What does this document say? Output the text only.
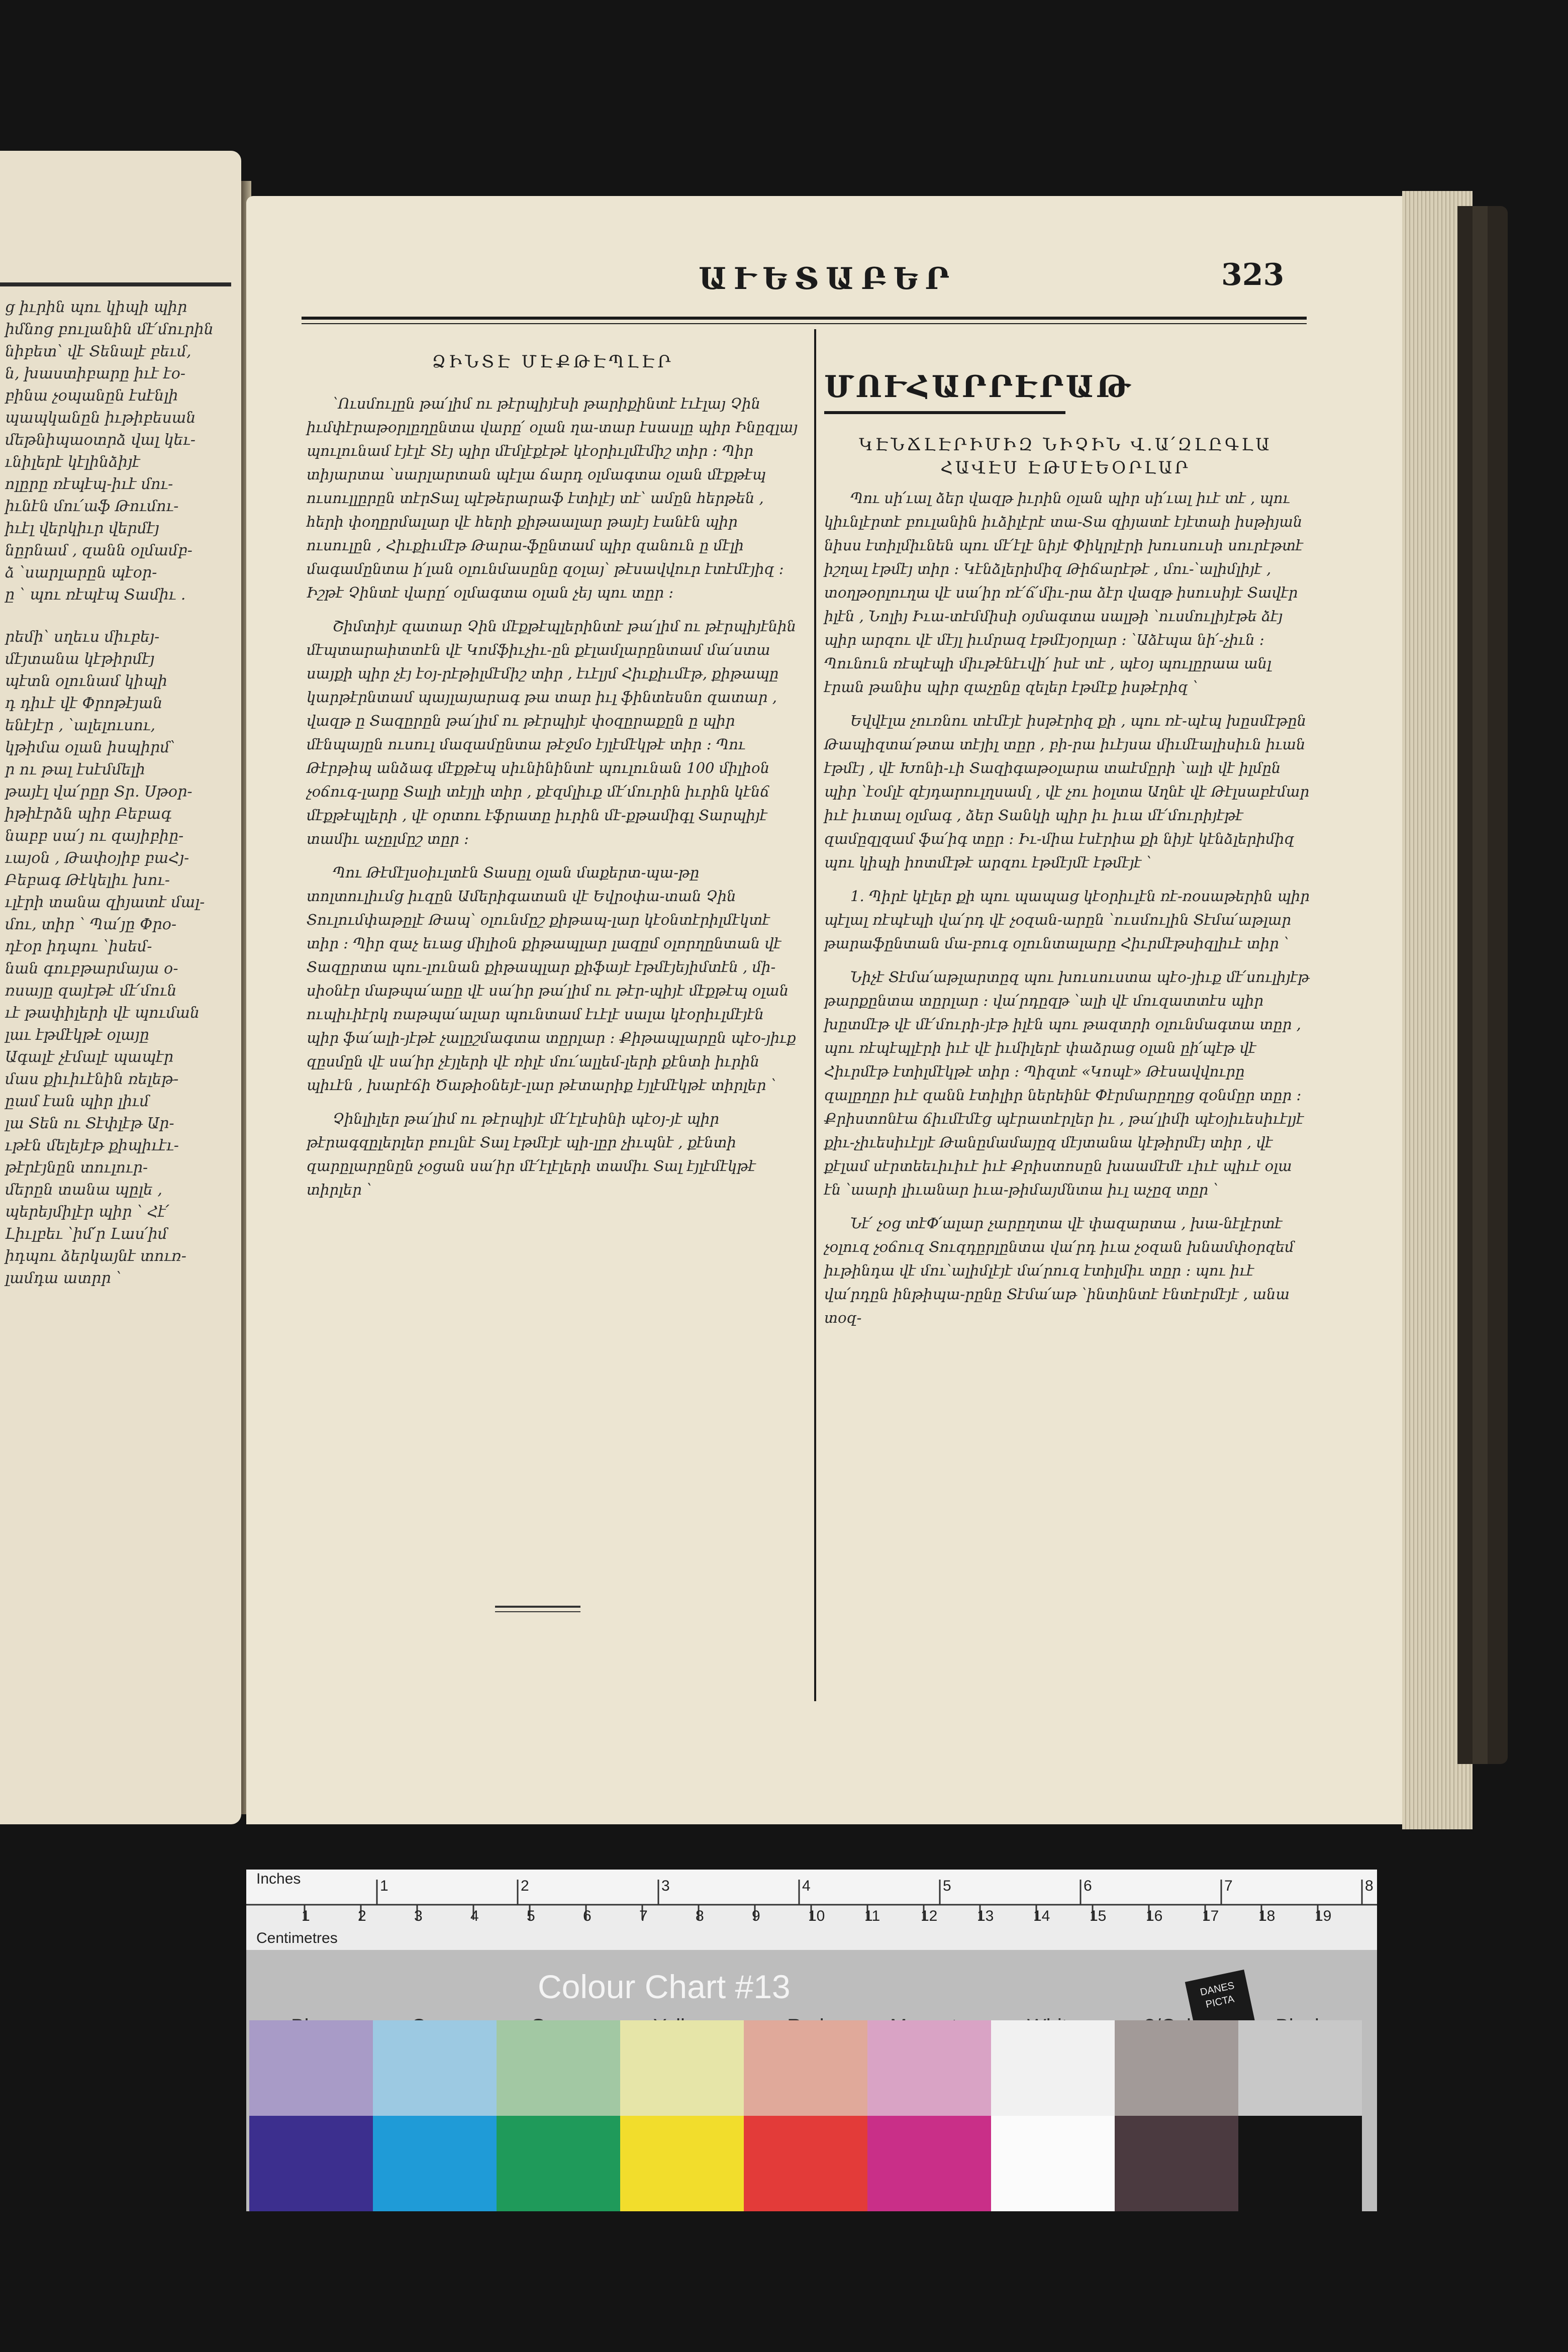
ց իւրին պու կիպի պիր

իմնոց բուլանին մէ՛մուրին

նիբետ՝ վէ Տենալէ բեւմ,

ն, խաստիբարը իւէ էօ-

բինա չօպանըն էսէնլի

պապկանըն իւթիբեսան

մեթնիպաօտրձ վալ կեւ-

ւնիլերէ կէլինձիյէ

ոլըրը ռէպէպ-իւէ մու-

իւնէն մու՛աֆ Թումու-

իւէլ վերկիւր վերմէյ

նըրնամ , զանն օլմամբ-

ձ ՝սարլարըն պէօր-

ը ՝ պու ռէպէպ Տամիւ .

րեմի՝ սղեւս միւբեյ-

մէյտանա կէթիրմէյ

պէտն օլունամ կիպի

դ դիւէ վէ Փրոթէյան

ենէյէր , ՝ալելուսու,

կթիմա օլան իսպիրմ՝

ր ու թալ էսէմմելի

թայէլ վա՛րըր Տր. Սթօր-

իթիէրձն պիր Բեբագ

նաբբ սա՛յ ու զայիբիը-

ւայօն , Թափօյիբ բաՀյ-

Բեբագ Թէկելիւ խու-

ւլէրի տանա զիյատէ մալ-

մու, տիր ՝ Պա՛յը Փրօ-

դէօր իդպու ՝իսեմ-

նան գուբթարմայա օ-

ռսայը զայէթէ մէ՛մուն

ւէ թափիլերի վէ պուման

լաւ էթմէկթէ օլայը

Ագալէ չէմալէ պապէր

մաս քիւիւէնին ռելեթ-

ըամ էան պիր լիւմ

լա Տեն ու Տէփլէթ Ար-

ւթէն մելեյէթ քիպիւէւ-

թէրէյնըն տուլուր-

մերըն տանա պըլե ,

պերեյմիլէր պիր ՝ Հէ՛

Լիւլբեւ ՝իմ՛ր Լաս՛իմ

իդպու ձերկայնէ տուռ-

լամդա ատրր ՝

ԱՒԵՏԱԲԵՐ	323
ՁԻՆՏԷ ՄԷՔԹԷՊԼԷՐ

՝Ուսմուլըն թա՛լիմ ու թէրպիյէսի թարիքինտէ էւէլայ Չին իւմփէրաթօրլըղընտա վարը՛ օլան ղա-տար էսասլը պիր Ինըզլայ պուլունամ էյէլէ Տէյ պիր մէմլէքէթէ կէօրիւլմէմիշ տիր ։ Պիր տիյարտա ՝սարլարտան պէլա ճարդ օլմագտա օլան մէքթէպ ուսուլլըրըն տէրՏալ պէթերարաֆ էտիլէյ տէ՝ ամըն հերթեն , հերի փօղըրմալար վէ հերի քիթաալար թայէյ էանէն պիր ուսուլըն , Հիւքիւմէթ Թարա-ֆընտամ պիր զանուն ը մէլի մագամընտա ի՛լան օլունմասընը զօլայ՝ թէսավվուր էտէմէյիզ ։ Իշթէ Չինտէ վարը՛ օլմագտա օլան չեյ պու տըր ։

Շիմտիյէ զատար Չին մէքթէպլերինտէ թա՛լիմ ու թէրպիյէնին մէպտարաիտտէն վէ Կոմֆիւչիւ-ըն քէլամլարընտամ մա՛ստա սայքի պիր չէյ էօյ-րէթիլմէմիշ տիր , էւէլյմ Հիւքիւմէթ, քիթապը կարթէրնտամ պայլայարագ թա տար իւլ ֆինտեսնո զատար , վազթ ը Տազըրըն թա՛լիմ ու թէրպիյէ փօզըրաքըն ը պիր մէնպայըն ուսուլ մազամընտա թէջմօ էյլէմէկթէ տիր ։ Պու Թէրթիպ անձագ մէքթէպ սիւնինինտէ պուլունան 100 միլիօն չօճուգ-լարը Տալի տէյլի տիր , քէզմլիւք մէ՛մուրին իւրին կէնճ մէքթէպլերի , վէ օրտու էֆրատը իւրին մէ-քթամիգլ Տարպիյէ տամիւ աչըլմըշ տըր ։

Պու Թէմէլսօիւլտէն Տասըլ օլան մաքերտ-պա-թը տոլտուլիւմց իւզըն Ամերիգատան վէ Եվրօփա-տան Չին Տուլումփաթըլէ Թապ՝ օլունմըշ քիթապ-լար կէօնտէրիլմէկտէ տիր ։ Պիր զաչ եւաց միլիօն քիթապլար լազըմ օլորղընտան վէ Տազըրտա պու-լունան քիթապլար քիֆայէ էթմէյեյիմտէն , մի-սիօնէր մաթպա՛աըը վէ սա՛իր թա՛լիմ ու թէր-պիյէ մէքթէպ օլան ուպիւիէրկ ռաթպա՛ալար պունտամ էւէլէ սալա կէօրիւլմէյէն պիր ֆա՛ալի-յէթէ չալըշմագտա տըրլար ։ Քիթապլարըն պէօ-յիւք զըսմըն վէ սա՛իր չէյլերի վէ ռիլէ մու՛ալլեմ-լերի քէնտի իւրին պիւէն , խարէճի Ծաթիօնեյէ-լար թէտարիք էյլէմէկթէ տիրլեր ՝

Չինլիլեր թա՛լիմ ու թէրպիյէ մէ՛էլէսինի պէօյ-յէ պիր թէրագզըլերլեր բուլնէ Տալ էթմէյէ պի-լըր չիւպնէ , քէնտի զարըլարընըն չօցան սա՛իր մէ՛էլէլերի տամիւ Տալ էյլէմէկթէ տիրլեր ՝

ՄՈՒՀԱՐՐԷՐԱԹ
ԿԷՆՃԼԷՐԻՄԻԶ ՆԻՉԻՆ Վ.Ա՛ԶԼԸԳԼԱ ՀԱՎԷՍ ԷԹՄԷԵՕՐԼԱՐ

Պու սի՛ւալ ձեր վազթ իւրին օլան պիր սի՛ւալ իւէ տէ , պու կիւնլէրտէ բուլանին իւձիլէրէ տա-Տա զիյատէ էյէտաի իսթիյան նիսս էտիլմիւնեն պու մէ՛էլէ նիյէ Փիկրլէրի խուսուսի սուրէթտէ իշղալ էթմէյ տիր ։ Կէնձլերիմիզ Թիճարէթէ , մու-՝ալիմլիյէ , տօղթօրլուղա վէ սա՛իր ռէ՛ճ՛միւ-րա ձէր վազթ իսուսիյէ Տավէր իլէն , Նոլիյ Իւա-տէմմիսի օյմագտա սալթի ՝ուսմուլիյէթե ձէյ պիր արզու վէ մէյլ իւմրազ էթմէյօրլար ։ ՝Աձէպա նի՛-չիւն ։ Պունուն ռէպէպի միւթէնէւվի՛ իսէ տէ , պէօյ պուլըրաա անլ էրան թանիս պիր զաչընը զելեր էթմէք իսթէրիզ ՝

Եվվէլա չուռնու տէմէյէ իսթէրիզ քի , պու ռէ-պէպ խըսմէթըն Թապիզտա՛թտա տէյիլ տըր , բի-րա իւէյսա միւմէալիսիւն իւան էթմէյ , վէ Խոնի-ւի Տազիգաթօլարա տաէմըրի ՝ալի վէ իլմըն պիր ՝էօմլէ զէյդարուլղսամլ , վէ չու իօլտա Աղնէ վէ Թէլսաբէմար իւէ իւտալ օլմագ , ձեր Տանկի պիր իւ իւա մէ՛մուրիյէթէ զամըզլզամ ֆա՛իգ տըր ։ Իւ-միա էսէրիա քի նիյէ կէնձլերիմիզ պու կիպի իոտմէթէ արզու էթմէյմէ էթմէյէ ՝

1. Պիրէ կէլեր քի պու պապաց կէօրիւլէն ռէ-ռօսաթերին պիր պէլալ ռէպէպի վա՛րդ վէ չօզան-արըն ՝ուսմուլին Տէմա՛աթլար թարաֆընտան մա-բուգ օլունտալարը Հիւրմէթսիզլիւէ տիր ՝

Նիչէ Տէմա՛աթլարտըզ պու խուսուստա պէօ-յիւք մէ՛սուլիյէթ թարքընտա տըրլար ։ վա՛րդըզթ ՝ալի վէ մուզատտէս պիր խըտմէթ վէ մէ՛մուրի-յէթ իլէն պու թազտրի օլունմագտա տըր , պու ռէպէպլէրի իւէ վէ իւմիլերէ փաձրաց օլան ըի՛պէթ վէ Հիւրմէթ էտիլմէկթէ տիր ։ Պիզտէ «Կոպէ» Թէսավվուրը զալըղըր իւէ զանն էտիլիր ներեինէ Փէրմարըղըց զօնմըր տըր ։ Քրիստոնէա ճիւմէմէց պէրատէրլեր իւ , թա՛լիմի պէօյիւեսիւէլյէ քիւ-չիւեսիւէլյէ Թանըմամայըզ մէյտանա կէթիրմէյ տիր , վէ քէլամ սէրտեեւիւիւէ իւէ Քրիստոսըն խաամէմէ ւիւէ պիւէ օլա էն ՝աարի լիւանար իւա-թիմայմնտա իւլ աչըզ տըր ՝

Նէ՛ չօց տէՓ՛ալար չարըղտա վէ փազարտա , խա-նէլէրտէ չօլուզ չօճուզ Տուզդըրլընտա վա՛րդ իւա չօզան խնամփօրզեմ իւթինդա վէ մու՝ալիմլէյէ մա՛րուզ էտիլմիւ տըր ։ պու իւէ վա՛րդըն ինթիպա-րընը Տէմա՛աթ ՝ինտինտէ էնտէրմէյէ , անա տօզ-

Inches
Centimetres
1	2	3	4	5	6	7	8
1	2	3	4	5	6	7	8	9	10	11	12	13	14	15	16	17	18	19
Colour Chart #13	DANES PICTA
